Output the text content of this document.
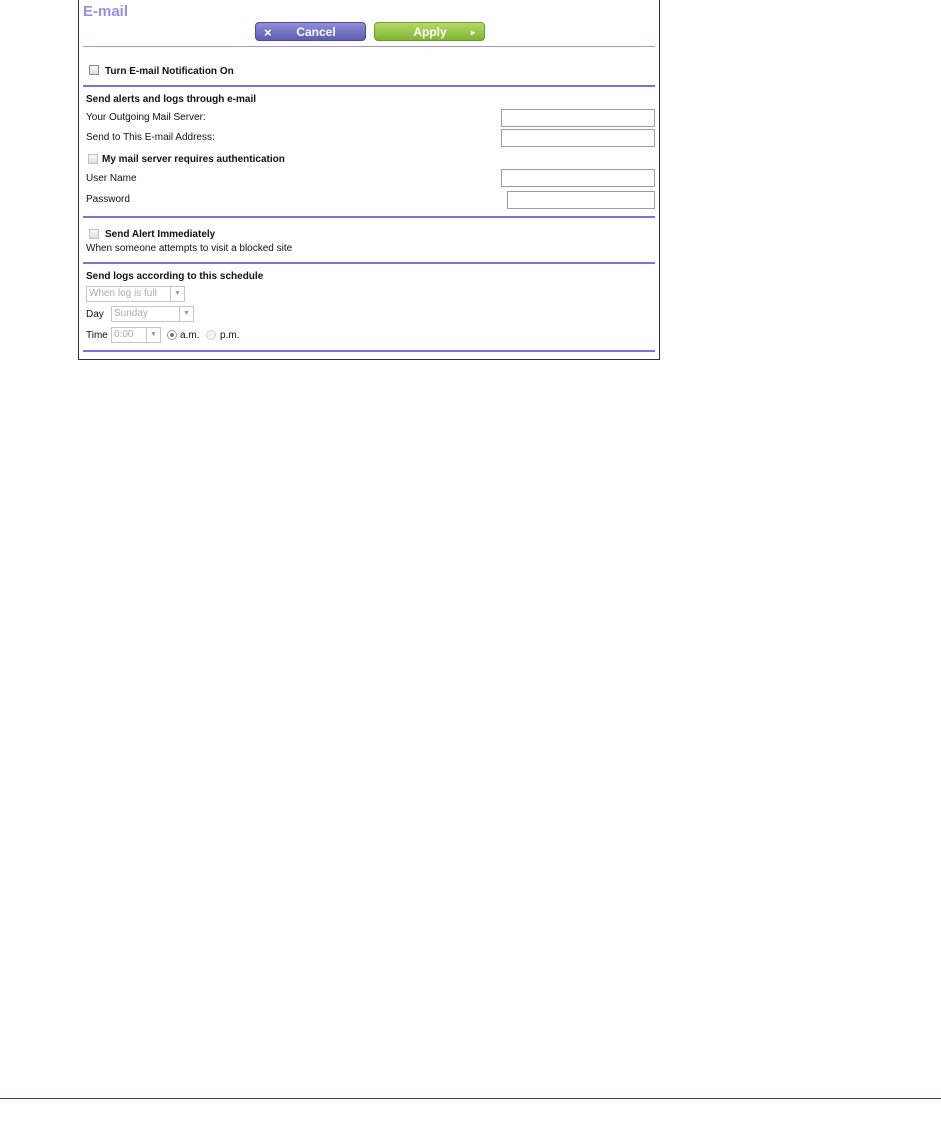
E-mail
×	Cancel	Apply	▸
Turn E-mail Notification On
Send alerts and logs through e-mail
Your Outgoing Mail Server:
Send to This E-mail Address:
My mail server requires authentication
User Name
Password
Send Alert Immediately
When someone attempts to visit a blocked site
Send logs according to this schedule
When log is full	▼
Day Sunday	▼
Time 0:00	▼	a.m. p.m.
